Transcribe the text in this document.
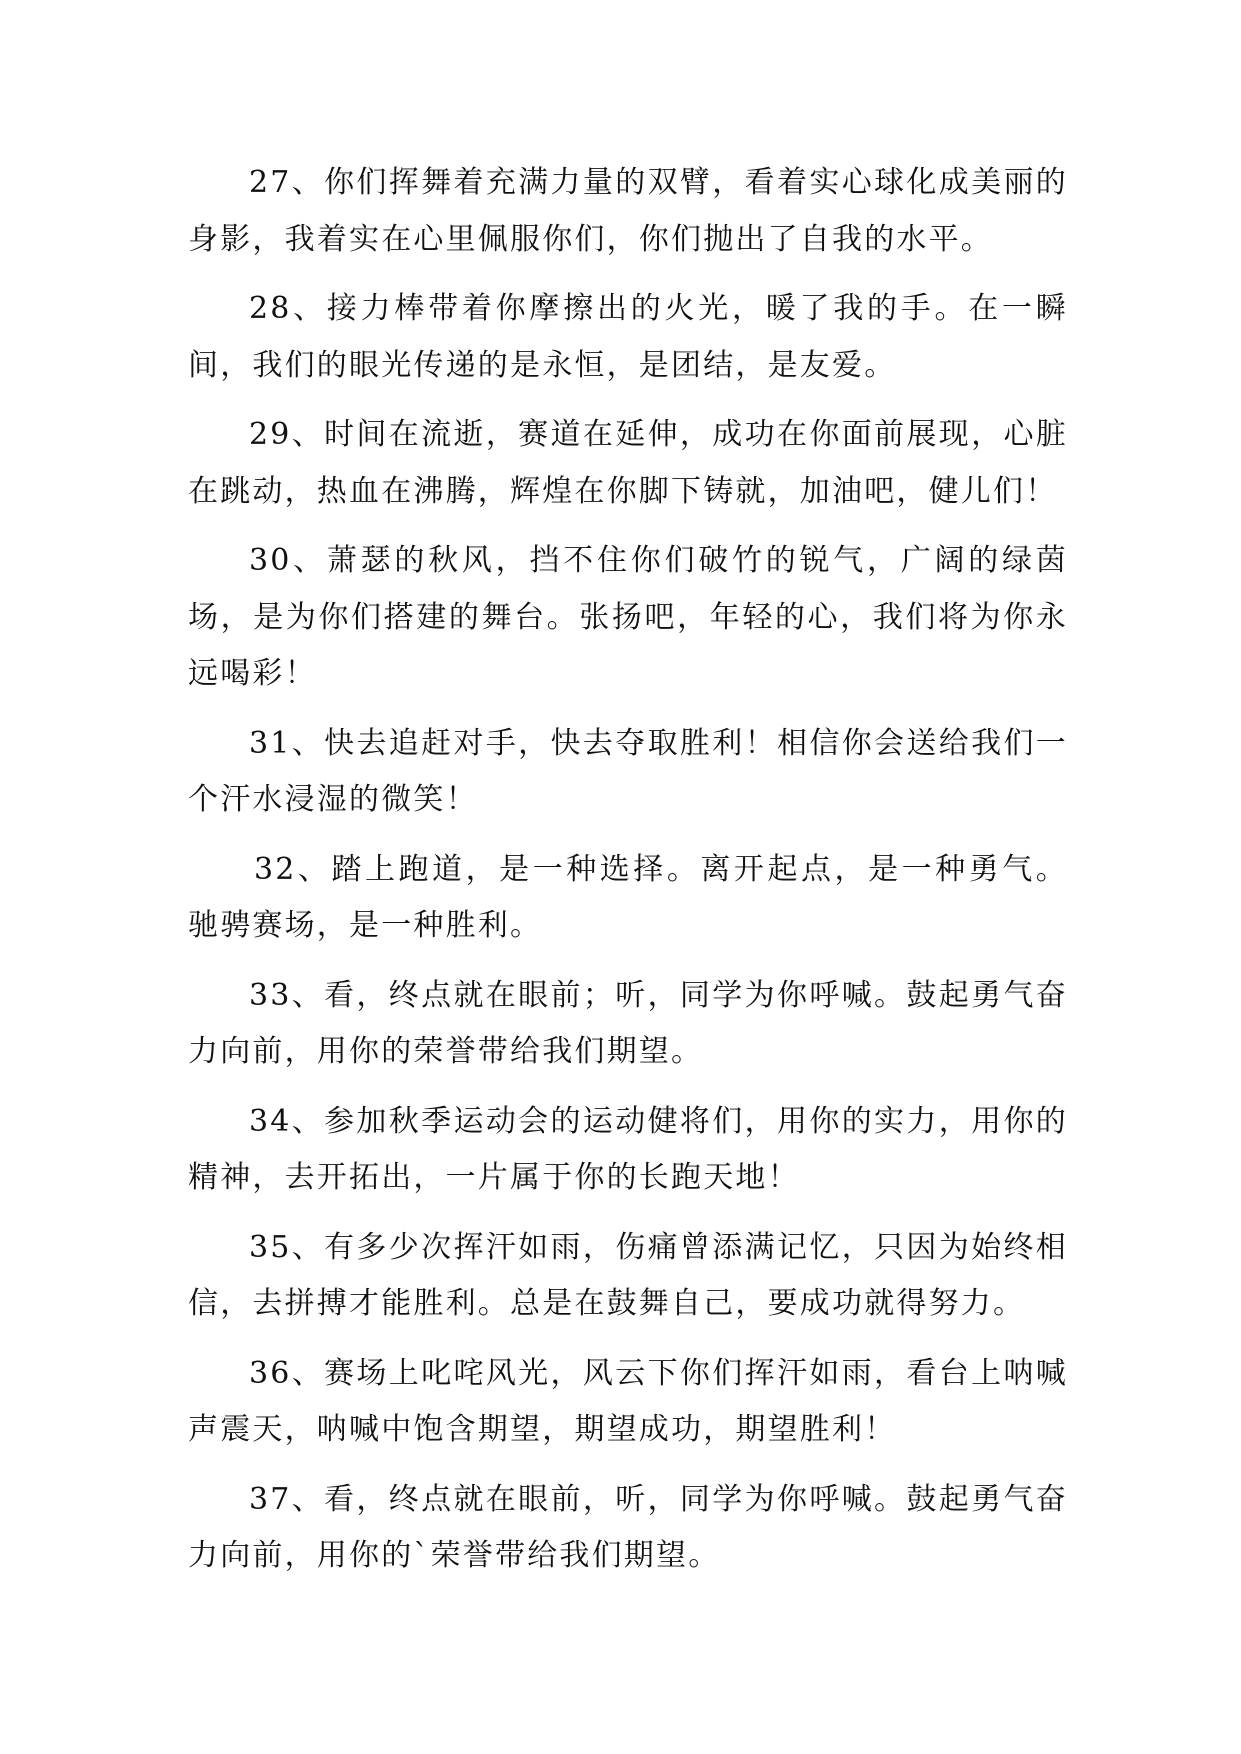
27、你们挥舞着充满力量的双臂，看着实心球化成美丽的身影，我着实在心里佩服你们，你们抛出了自我的水平。

28、接力棒带着你摩擦出的火光，暖了我的手。在一瞬间，我们的眼光传递的是永恒，是团结，是友爱。

29、时间在流逝，赛道在延伸，成功在你面前展现，心脏在跳动，热血在沸腾，辉煌在你脚下铸就，加油吧，健儿们！

30、萧瑟的秋风，挡不住你们破竹的锐气，广阔的绿茵场，是为你们搭建的舞台。张扬吧，年轻的心，我们将为你永远喝彩！

31、快去追赶对手，快去夺取胜利！相信你会送给我们一个汗水浸湿的微笑！

32、踏上跑道，是一种选择。离开起点，是一种勇气。驰骋赛场，是一种胜利。

33、看，终点就在眼前；听，同学为你呼喊。鼓起勇气奋力向前，用你的荣誉带给我们期望。

34、参加秋季运动会的运动健将们，用你的实力，用你的精神，去开拓出，一片属于你的长跑天地！

35、有多少次挥汗如雨，伤痛曾添满记忆，只因为始终相信，去拼搏才能胜利。总是在鼓舞自己，要成功就得努力。

36、赛场上叱咤风光，风云下你们挥汗如雨，看台上呐喊声震天，呐喊中饱含期望，期望成功，期望胜利！

37、看，终点就在眼前，听，同学为你呼喊。鼓起勇气奋力向前，用你的`荣誉带给我们期望。
